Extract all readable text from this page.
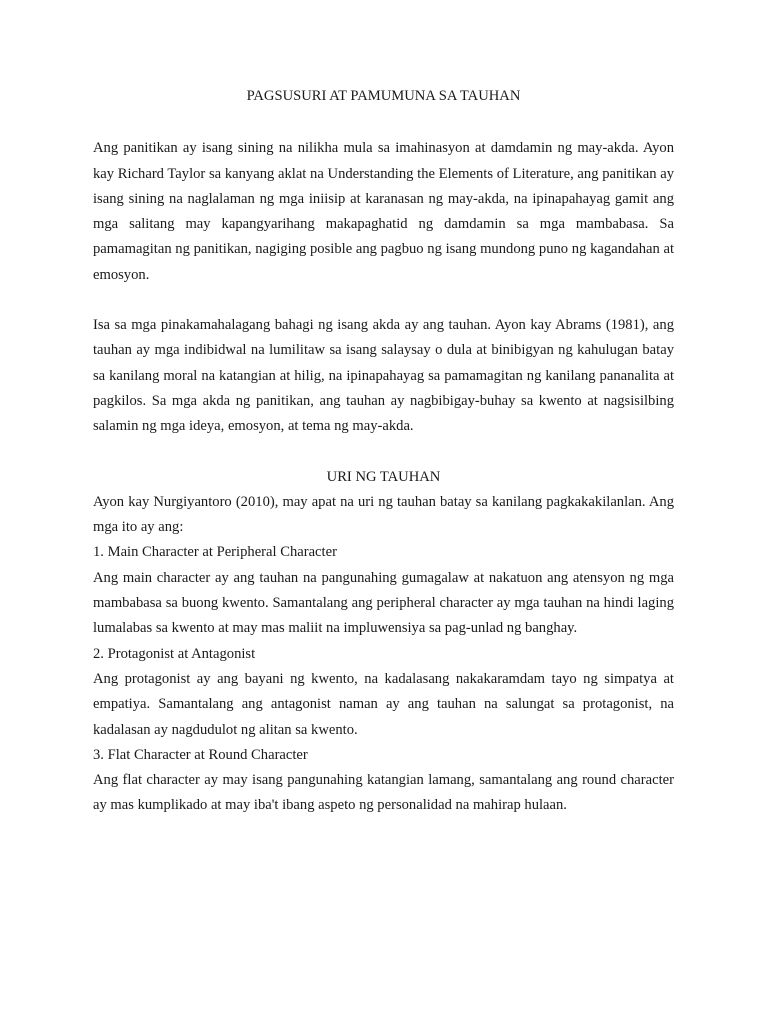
PAGSUSURI AT PAMUMUNA SA TAUHAN

Ang panitikan ay isang sining na nilikha mula sa imahinasyon at damdamin ng may-akda. Ayon kay Richard Taylor sa kanyang aklat na Understanding the Elements of Literature, ang panitikan ay isang sining na naglalaman ng mga iniisip at karanasan ng may-akda, na ipinapahayag gamit ang mga salitang may kapangyarihang makapaghatid ng damdamin sa mga mambabasa. Sa pamamagitan ng panitikan, nagiging posible ang pagbuo ng isang mundong puno ng kagandahan at emosyon.

Isa sa mga pinakamahalagang bahagi ng isang akda ay ang tauhan. Ayon kay Abrams (1981), ang tauhan ay mga indibidwal na lumilitaw sa isang salaysay o dula at binibigyan ng kahulugan batay sa kanilang moral na katangian at hilig, na ipinapahayag sa pamamagitan ng kanilang pananalita at pagkilos. Sa mga akda ng panitikan, ang tauhan ay nagbibigay-buhay sa kwento at nagsisilbing salamin ng mga ideya, emosyon, at tema ng may-akda.

URI NG TAUHAN

Ayon kay Nurgiyantoro (2010), may apat na uri ng tauhan batay sa kanilang pagkakakilanlan. Ang mga ito ay ang:

1. Main Character at Peripheral Character

Ang main character ay ang tauhan na pangunahing gumagalaw at nakatuon ang atensyon ng mga mambabasa sa buong kwento. Samantalang ang peripheral character ay mga tauhan na hindi laging lumalabas sa kwento at may mas maliit na impluwensiya sa pag-unlad ng banghay.

2. Protagonist at Antagonist

Ang protagonist ay ang bayani ng kwento, na kadalasang nakakaramdam tayo ng simpatya at empatiya. Samantalang ang antagonist naman ay ang tauhan na salungat sa protagonist, na kadalasan ay nagdudulot ng alitan sa kwento.

3. Flat Character at Round Character

Ang flat character ay may isang pangunahing katangian lamang, samantalang ang round character ay mas kumplikado at may iba't ibang aspeto ng personalidad na mahirap hulaan.
